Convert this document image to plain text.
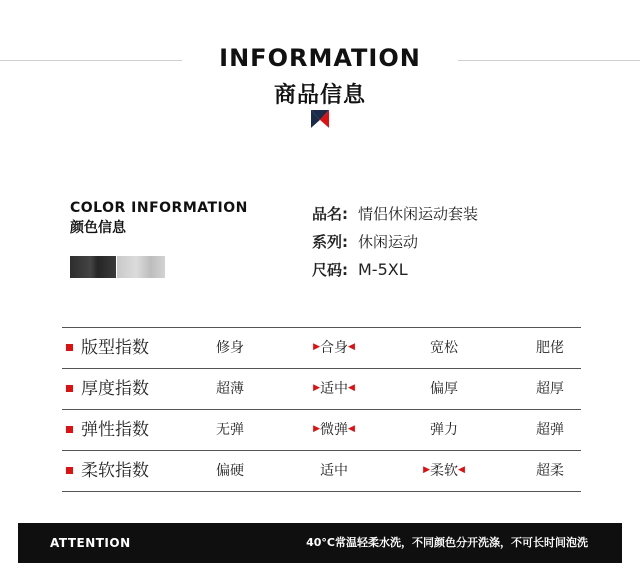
INFORMATION
商品信息
COLOR INFORMATION
颜色信息
品名: 情侣休闲运动套装
系列: 休闲运动
尺码: M-5XL
版型指数	修身	▶合身◀	宽松	肥佬
厚度指数	超薄	▶适中◀	偏厚	超厚
弹性指数	无弹	▶微弹◀	弹力	超弹
柔软指数	偏硬	适中	▶柔软◀	超柔
ATTENTION	40°C常温轻柔水洗，不同颜色分开洗涤，不可长时间泡洗
